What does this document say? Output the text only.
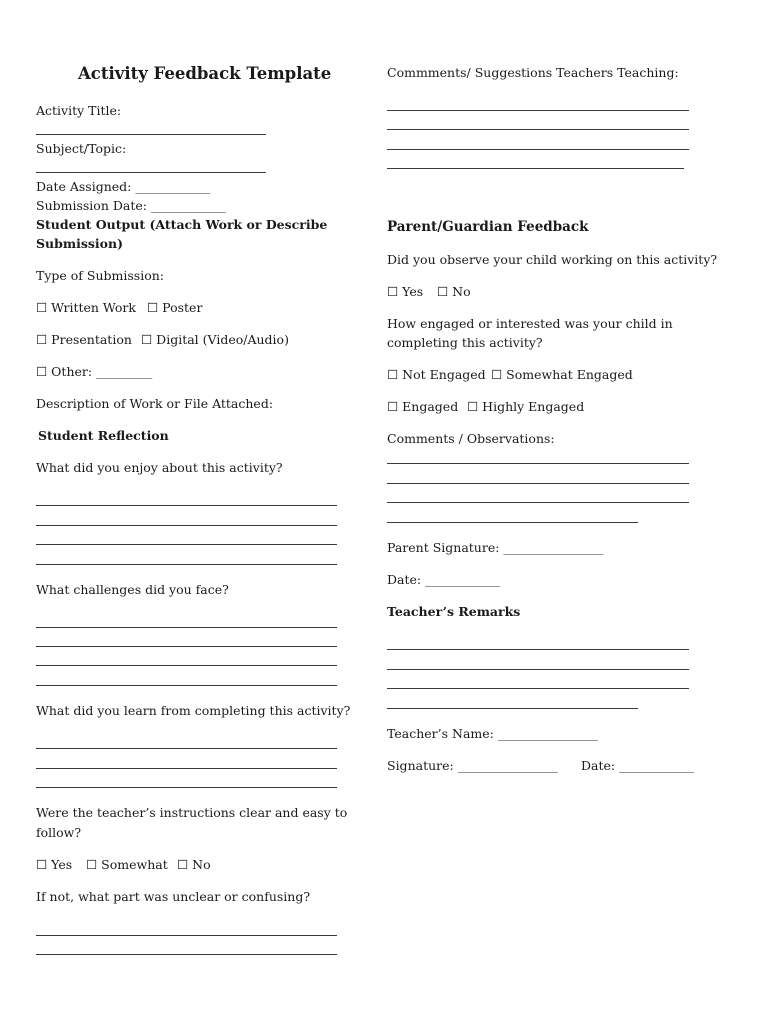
Activity Feedback Template
Activity Title:
Subject/Topic:
Date Assigned: ____________
Submission Date: ____________
Student Output (Attach Work or Describe
Submission)
Type of Submission:
☐ Written Work ☐ Poster
☐ Presentation ☐ Digital (Video/Audio)
☐ Other: _________
Description of Work or File Attached:
Student Reflection
What did you enjoy about this activity?
What challenges did you face?
What did you learn from completing this activity?
Were the teacher’s instructions clear and easy to
follow?
☐ Yes ☐ Somewhat ☐ No
If not, what part was unclear or confusing?
Commments/ Suggestions Teachers Teaching:
Parent/Guardian Feedback
Did you observe your child working on this activity?
☐ Yes ☐ No
How engaged or interested was your child in
completing this activity?
☐ Not Engaged ☐ Somewhat Engaged
☐ Engaged ☐ Highly Engaged
Comments / Observations:
Parent Signature: ________________
Date: ____________
Teacher’s Remarks
Teacher’s Name: ________________
Signature: ________________ Date: ____________
